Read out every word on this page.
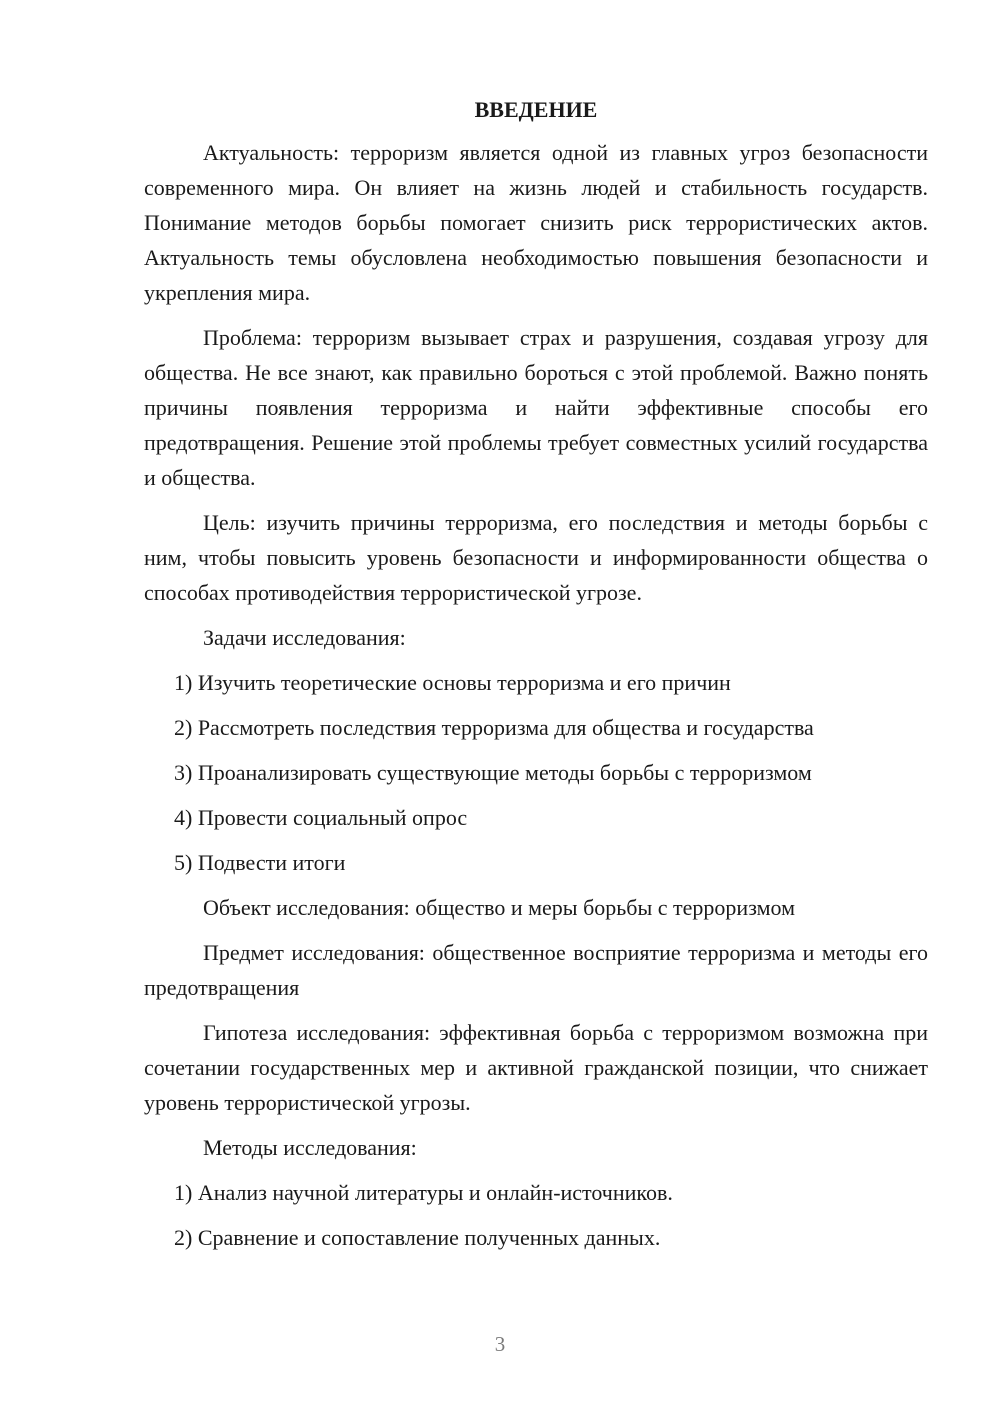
ВВЕДЕНИЕ

Актуальность: терроризм является одной из главных угроз безопасности современного мира. Он влияет на жизнь людей и стабильность государств. Понимание методов борьбы помогает снизить риск террористических актов. Актуальность темы обусловлена необходимостью повышения безопасности и укрепления мира.

Проблема: терроризм вызывает страх и разрушения, создавая угрозу для общества. Не все знают, как правильно бороться с этой проблемой. Важно понять причины появления терроризма и найти эффективные способы его предотвращения. Решение этой проблемы требует совместных усилий государства и общества.

Цель: изучить причины терроризма, его последствия и методы борьбы с ним, чтобы повысить уровень безопасности и информированности общества о способах противодействия террористической угрозе.

Задачи исследования:

1) Изучить теоретические основы терроризма и его причин

2) Рассмотреть последствия терроризма для общества и государства

3) Проанализировать существующие методы борьбы с терроризмом

4) Провести социальный опрос

5) Подвести итоги

Объект исследования: общество и меры борьбы с терроризмом

Предмет исследования: общественное восприятие терроризма и методы его предотвращения

Гипотеза исследования: эффективная борьба с терроризмом возможна при сочетании государственных мер и активной гражданской позиции, что снижает уровень террористической угрозы.

Методы исследования:

1) Анализ научной литературы и онлайн-источников.

2) Сравнение и сопоставление полученных данных.

3
